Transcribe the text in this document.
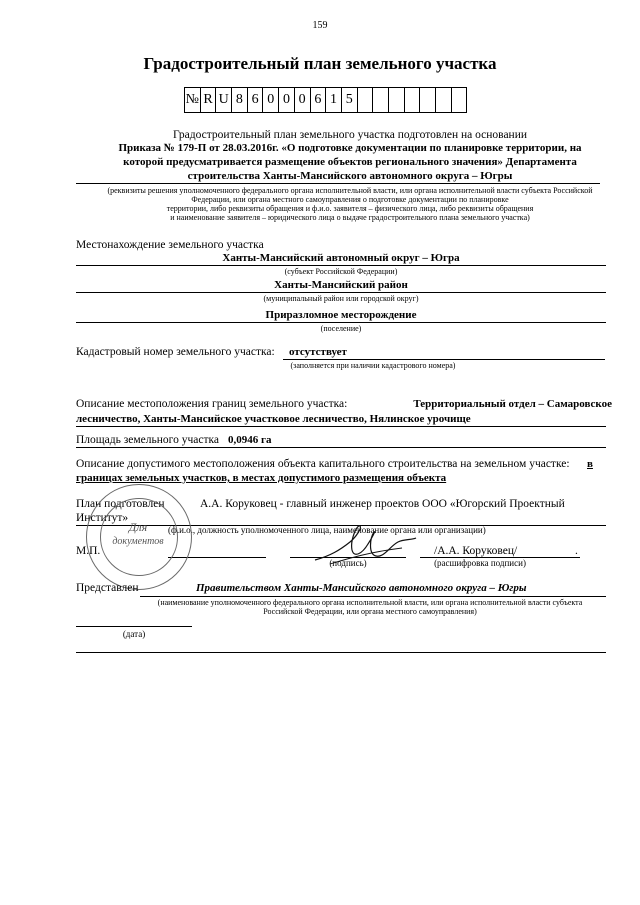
159
Градостроительный план земельного участка
№	R	U	8	6	0	0	0	6	1	5							
Градостроительный план земельного участка подготовлен на основании
Приказа № 179-П от 28.03.2016г. «О подготовке документации по планировке территории, на
которой предусматривается размещение объектов регионального значения» Департамента
строительства Ханты-Мансийского автономного округа – Югры
(реквизиты решения уполномоченного федерального органа исполнительной власти, или органа исполнительной власти субъекта Российской
Федерации, или органа местного самоуправления о подготовке документации по планировке
территории, либо реквизиты обращения и ф.и.о. заявителя – физического лица, либо реквизиты обращения
и наименование заявителя – юридического лица о выдаче градостроительного плана земельного участка)
Местонахождение земельного участка
Ханты-Мансийский автономный округ – Югра
(субъект Российской Федерации)
Ханты-Мансийский район
(муниципальный район или городской округ)
Приразломное месторождение
(поселение)
Кадастровый номер земельного участка: отсутствует
(заполняется при наличии кадастрового номера)
Описание местоположения границ земельного участка:	Территориальный отдел – Самаровское
лесничество, Ханты-Мансийское участковое лесничество, Нялинское урочище
Площадь земельного участка 0,0946 га
Описание допустимого местоположения объекта капитального строительства на земельном участке: в
границах земельных участков, в местах допустимого размещения объекта
План подготовлен	А.А. Коруковец - главный инженер проектов ООО «Югорский Проектный
Институт»
(ф.и.о., должность уполномоченного лица, наименование органа или организации)
М.П.
(подпись)
/А.А. Коруковец/	.
(расшифровка подписи)
Для
документов
Представлен	Правительством Ханты-Мансийского автономного округа – Югры
(наименование уполномоченного федерального органа исполнительной власти, или органа исполнительной власти субъекта
Российской Федерации, или органа местного самоуправления)
(дата)
